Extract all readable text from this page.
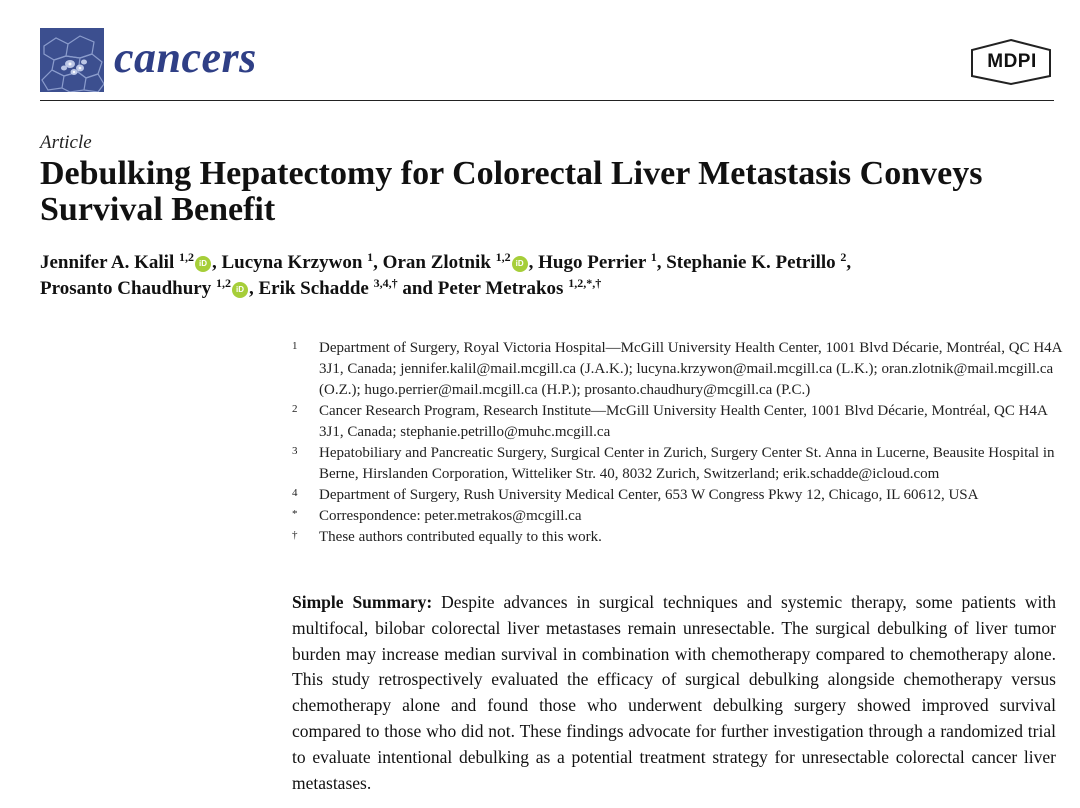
cancers	MDPI
Article
Debulking Hepatectomy for Colorectal Liver Metastasis Conveys Survival Benefit
Jennifer A. Kalil $^{1,2}$ iD , Lucyna Krzywon $^1$, Oran Zlotnik $^{1,2}$ iD , Hugo Perrier $^1$, Stephanie K. Petrillo $^2$,
Prosanto Chaudhury $^{1,2}$ iD , Erik Schadde $^{3,4,\dagger}$ and Peter Metrakos $^{1,2,*,\dagger}$
1 Department of Surgery, Royal Victoria Hospital—McGill University Health Center, 1001 Blvd Décarie, Montréal, QC H4A 3J1, Canada; jennifer.kalil@mail.mcgill.ca (J.A.K.); lucyna.krzywon@mail.mcgill.ca (L.K.); oran.zlotnik@mail.mcgill.ca (O.Z.); hugo.perrier@mail.mcgill.ca (H.P.); prosanto.chaudhury@mcgill.ca (P.C.)
2 Cancer Research Program, Research Institute—McGill University Health Center, 1001 Blvd Décarie, Montréal, QC H4A 3J1, Canada; stephanie.petrillo@muhc.mcgill.ca
3 Hepatobiliary and Pancreatic Surgery, Surgical Center in Zurich, Surgery Center St. Anna in Lucerne, Beausite Hospital in Berne, Hirslanden Corporation, Witteliker Str. 40, 8032 Zurich, Switzerland; erik.schadde@icloud.com
4 Department of Surgery, Rush University Medical Center, 653 W Congress Pkwy 12, Chicago, IL 60612, USA
* Correspondence: peter.metrakos@mcgill.ca
† These authors contributed equally to this work.

Simple Summary: Despite advances in surgical techniques and systemic therapy, some patients with multifocal, bilobar colorectal liver metastases remain unresectable. The surgical debulking of liver tumor burden may increase median survival in combination with chemotherapy compared to chemotherapy alone. This study retrospectively evaluated the efficacy of surgical debulking alongside chemotherapy versus chemotherapy alone and found those who underwent debulking surgery showed improved survival compared to those who did not. These findings advocate for further investigation through a randomized trial to evaluate intentional debulking as a potential treatment strategy for unresectable colorectal cancer liver metastases.
